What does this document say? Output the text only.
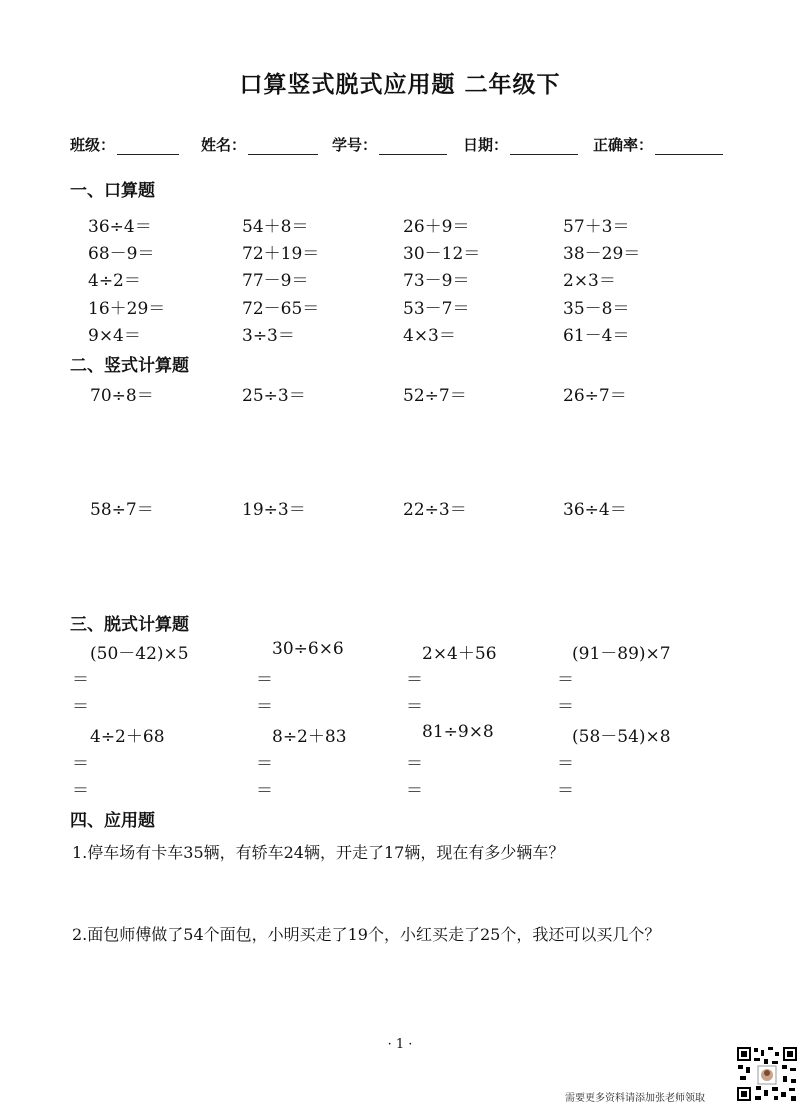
口算竖式脱式应用题 二年级下
班级：	姓名：	学号：	日期：	正确率：
一、口算题
36÷4＝	54＋8＝	26＋9＝	57＋3＝
68－9＝	72＋19＝	30－12＝	38－29＝
4÷2＝	77－9＝	73－9＝	2×3＝
16＋29＝	72－65＝	53－7＝	35－8＝
9×4＝	3÷3＝	4×3＝	61－4＝
二、竖式计算题
70÷8＝	25÷3＝	52÷7＝	26÷7＝
58÷7＝	19÷3＝	22÷3＝	36÷4＝
三、脱式计算题
(50－42)×5	30÷6×6	2×4＋56	(91－89)×7
＝	＝	＝	＝
＝	＝	＝	＝
4÷2＋68	8÷2＋83	81÷9×8	(58－54)×8
＝	＝	＝	＝
＝	＝	＝	＝
四、应用题
1.停车场有卡车35辆，有轿车24辆，开走了17辆，现在有多少辆车？
2.面包师傅做了54个面包，小明买走了19个，小红买走了25个，我还可以买几个？
· 1 ·
需要更多资料请添加张老师领取
